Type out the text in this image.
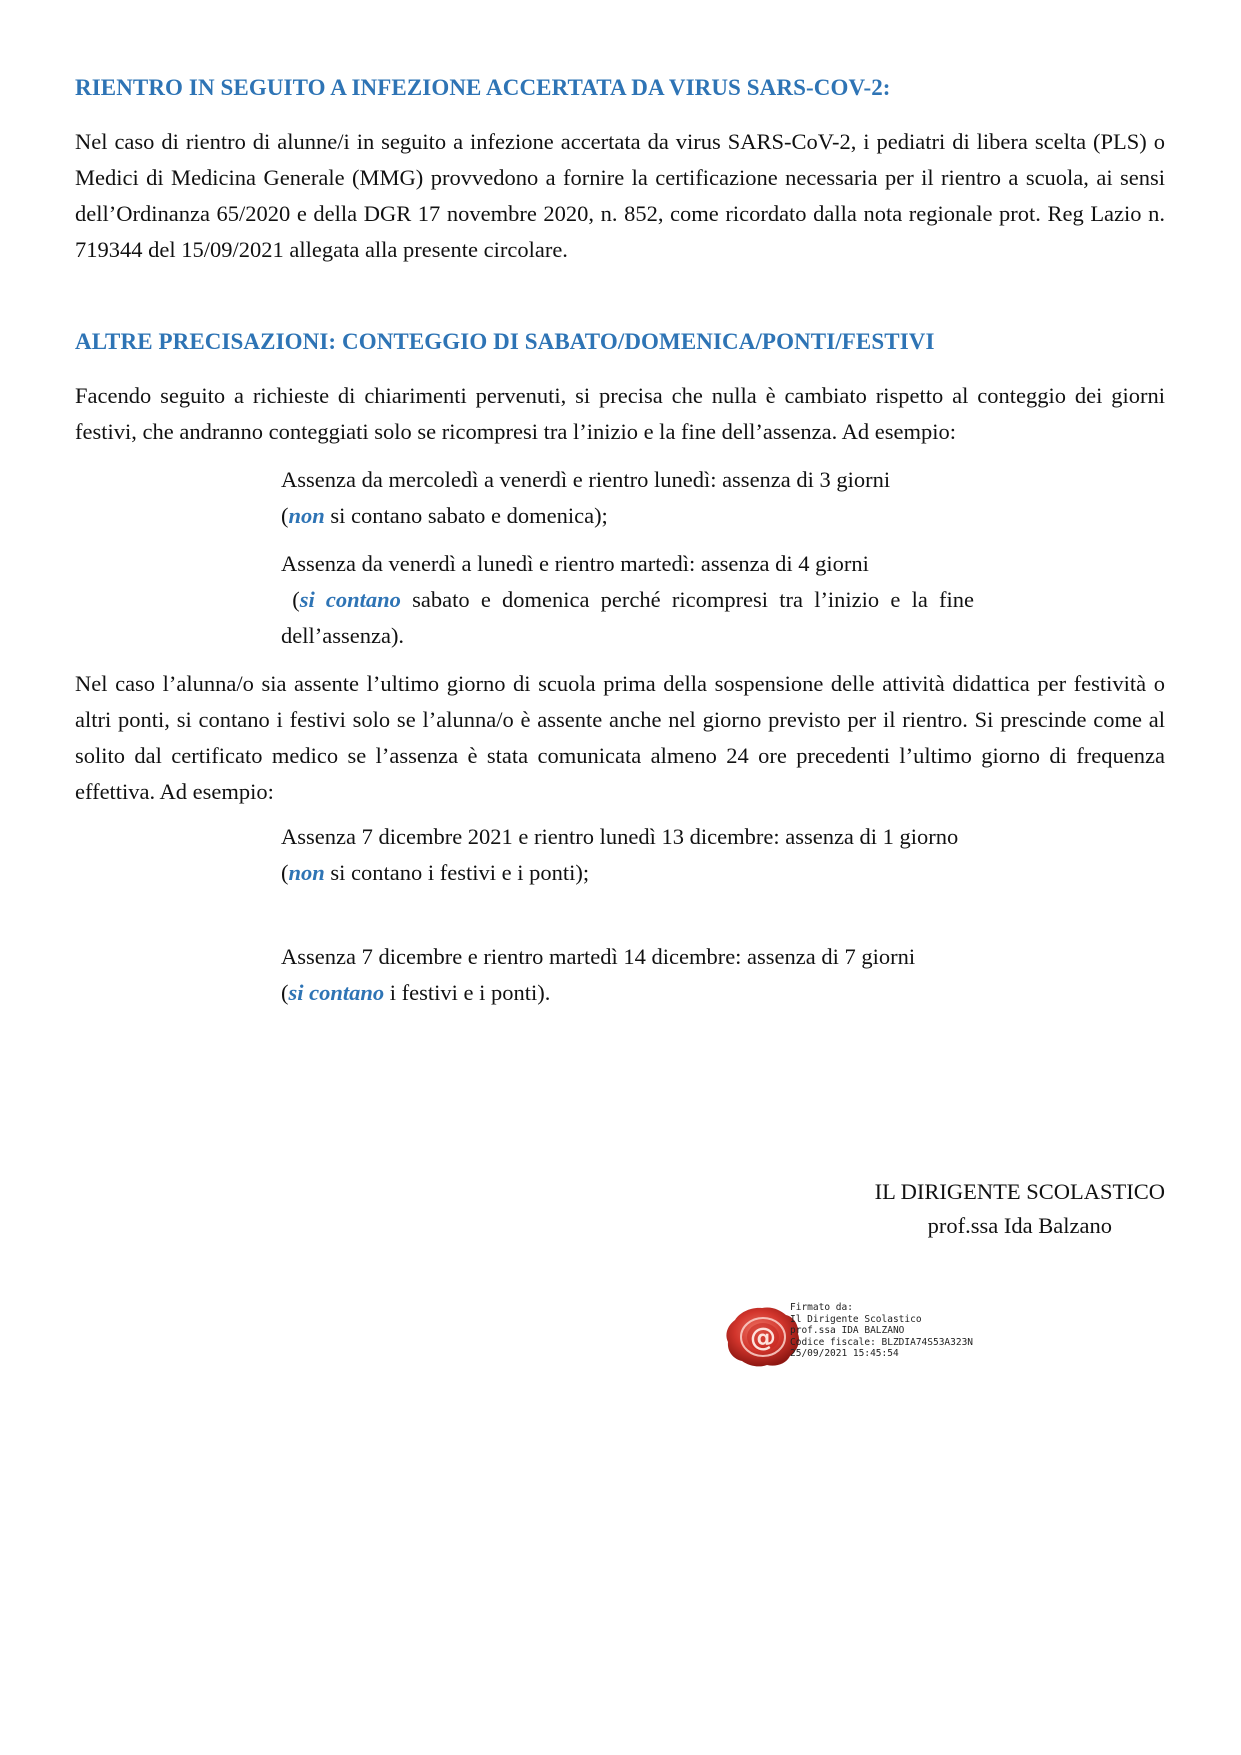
RIENTRO IN SEGUITO A INFEZIONE ACCERTATA DA VIRUS SARS-COV-2:

Nel caso di rientro di alunne/i in seguito a infezione accertata da virus SARS-CoV-2, i pediatri di libera scelta (PLS) o Medici di Medicina Generale (MMG) provvedono a fornire la certificazione necessaria per il rientro a scuola, ai sensi dell’Ordinanza 65/2020 e della DGR 17 novembre 2020, n. 852, come ricordato dalla nota regionale prot. Reg Lazio n. 719344 del 15/09/2021 allegata alla presente circolare.

ALTRE PRECISAZIONI: CONTEGGIO DI SABATO/DOMENICA/PONTI/FESTIVI

Facendo seguito a richieste di chiarimenti pervenuti, si precisa che nulla è cambiato rispetto al conteggio dei giorni festivi, che andranno conteggiati solo se ricompresi tra l’inizio e la fine dell’assenza. Ad esempio:

Assenza da mercoledì a venerdì e rientro lunedì: assenza di 3 giorni
(non si contano sabato e domenica);

Assenza da venerdì a lunedì e rientro martedì: assenza di 4 giorni
(si contano sabato e domenica perché ricompresi tra l’inizio e la fine dell’assenza).

Nel caso l’alunna/o sia assente l’ultimo giorno di scuola prima della sospensione delle attività didattica per festività o altri ponti, si contano i festivi solo se l’alunna/o è assente anche nel giorno previsto per il rientro. Si prescinde come al solito dal certificato medico se l’assenza è stata comunicata almeno 24 ore precedenti l’ultimo giorno di frequenza effettiva. Ad esempio:

Assenza 7 dicembre 2021 e rientro lunedì 13 dicembre: assenza di 1 giorno
(non si contano i festivi e i ponti);

Assenza 7 dicembre e rientro martedì 14 dicembre: assenza di 7 giorni
(si contano i festivi e i ponti).

IL DIRIGENTE SCOLASTICO
prof.ssa Ida Balzano
@
Firmato da:
Il Dirigente Scolastico
prof.ssa IDA BALZANO
Codice fiscale: BLZDIA74S53A323N
25/09/2021 15:45:54
